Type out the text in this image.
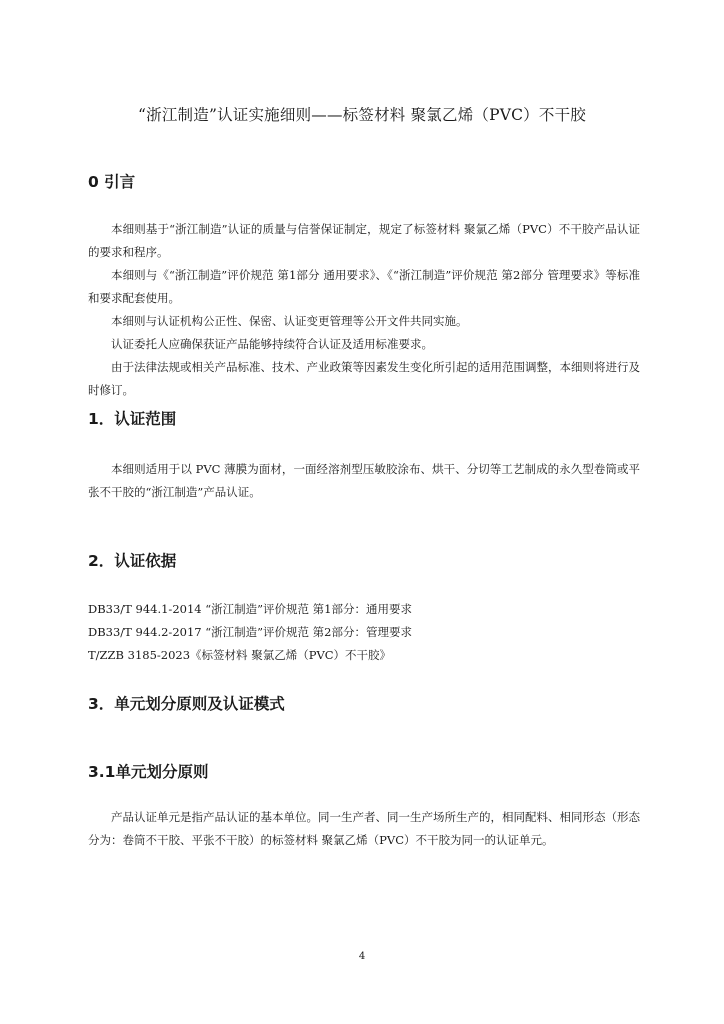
“浙江制造”认证实施细则——标签材料 聚氯乙烯（PVC）不干胶
0 引言

本细则基于“浙江制造”认证的质量与信誉保证制定，规定了标签材料 聚氯乙烯（PVC）不干胶产品认证的要求和程序。

本细则与《“浙江制造”评价规范 第1部分 通用要求》、《“浙江制造”评价规范 第2部分 管理要求》等标准和要求配套使用。

本细则与认证机构公正性、保密、认证变更管理等公开文件共同实施。

认证委托人应确保获证产品能够持续符合认证及适用标准要求。

由于法律法规或相关产品标准、技术、产业政策等因素发生变化所引起的适用范围调整，本细则将进行及时修订。

1．认证范围

本细则适用于以 PVC 薄膜为面材，一面经溶剂型压敏胶涂布、烘干、分切等工艺制成的永久型卷筒或平张不干胶的“浙江制造”产品认证。

2．认证依据
DB33/T 944.1-2014 “浙江制造”评价规范 第1部分：通用要求
DB33/T 944.2-2017 “浙江制造”评价规范 第2部分：管理要求
T/ZZB 3185-2023《标签材料 聚氯乙烯（PVC）不干胶》
3．单元划分原则及认证模式
3.1单元划分原则

产品认证单元是指产品认证的基本单位。同一生产者、同一生产场所生产的，相同配料、相同形态（形态分为：卷筒不干胶、平张不干胶）的标签材料 聚氯乙烯（PVC）不干胶为同一的认证单元。

4
